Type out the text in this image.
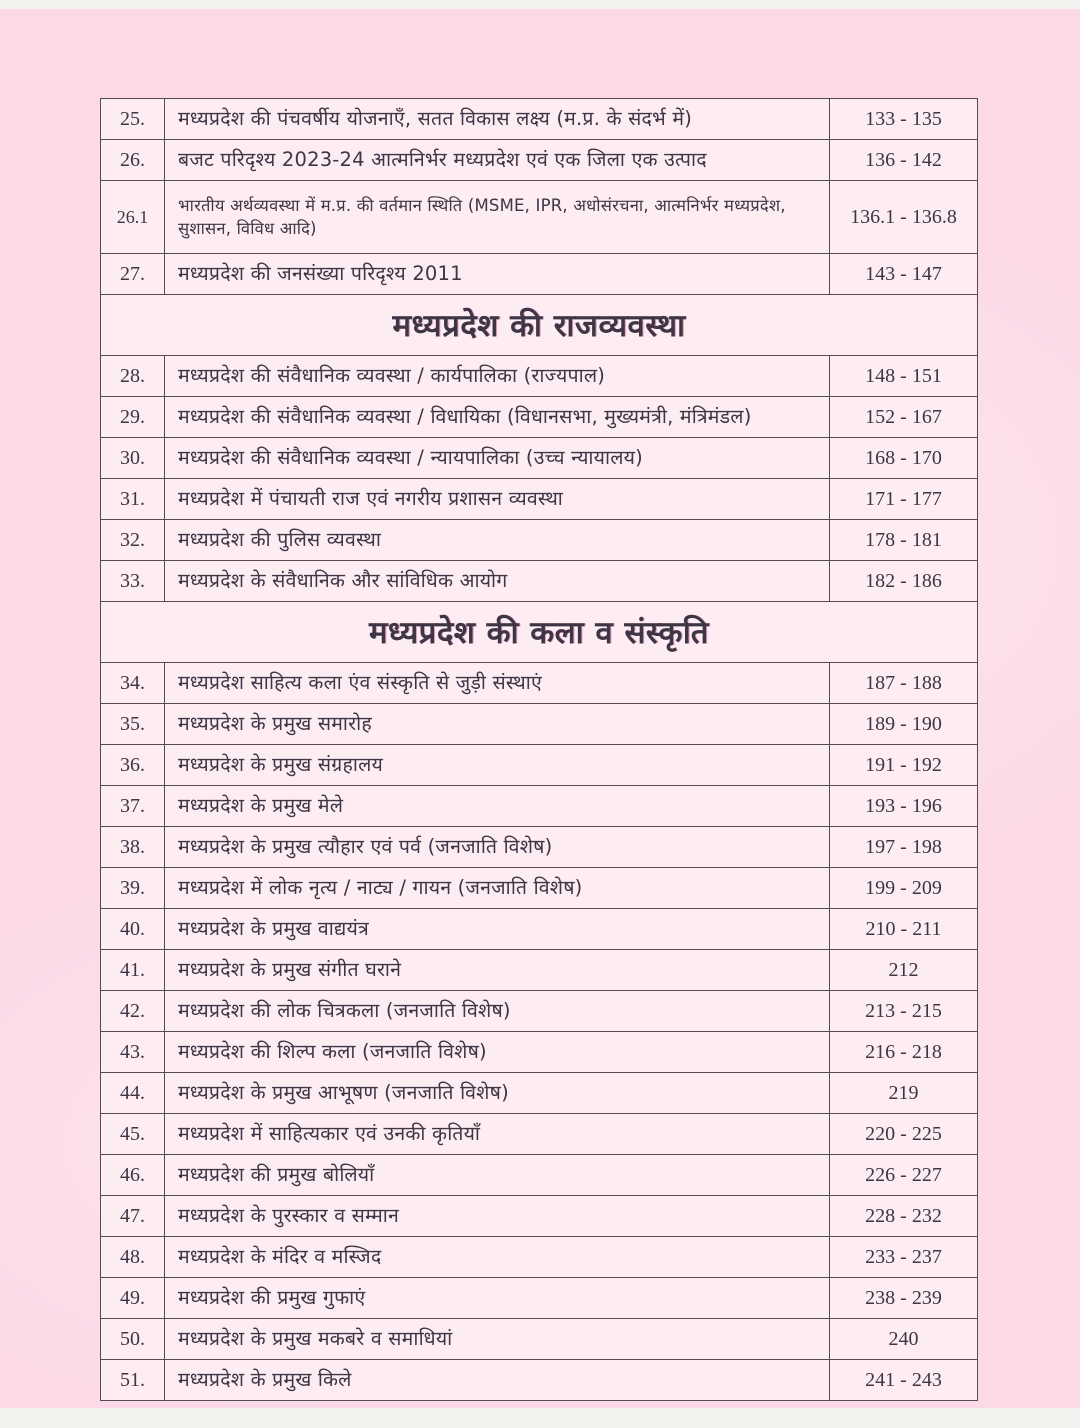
25.	मध्यप्रदेश की पंचवर्षीय योजनाएँ, सतत विकास लक्ष्य (म.प्र. के संदर्भ में)	133 - 135
26.	बजट परिदृश्य 2023-24 आत्मनिर्भर मध्यप्रदेश एवं एक जिला एक उत्पाद	136 - 142
26.1	भारतीय अर्थव्यवस्था में म.प्र. की वर्तमान स्थिति (MSME, IPR, अधोसंरचना, आत्मनिर्भर मध्यप्रदेश, सुशासन, विविध आदि)	136.1 - 136.8
27.	मध्यप्रदेश की जनसंख्या परिदृश्य 2011	143 - 147
मध्यप्रदेश की राजव्यवस्था		
28.	मध्यप्रदेश की संवैधानिक व्यवस्था / कार्यपालिका (राज्यपाल)	148 - 151
29.	मध्यप्रदेश की संवैधानिक व्यवस्था / विधायिका (विधानसभा, मुख्यमंत्री, मंत्रिमंडल)	152 - 167
30.	मध्यप्रदेश की संवैधानिक व्यवस्था / न्यायपालिका (उच्च न्यायालय)	168 - 170
31.	मध्यप्रदेश में पंचायती राज एवं नगरीय प्रशासन व्यवस्था	171 - 177
32.	मध्यप्रदेश की पुलिस व्यवस्था	178 - 181
33.	मध्यप्रदेश के संवैधानिक और सांविधिक आयोग	182 - 186
मध्यप्रदेश की कला व संस्कृति		
34.	मध्यप्रदेश साहित्य कला एंव संस्कृति से जुड़ी संस्थाएं	187 - 188
35.	मध्यप्रदेश के प्रमुख समारोह	189 - 190
36.	मध्यप्रदेश के प्रमुख संग्रहालय	191 - 192
37.	मध्यप्रदेश के प्रमुख मेले	193 - 196
38.	मध्यप्रदेश के प्रमुख त्यौहार एवं पर्व (जनजाति विशेष)	197 - 198
39.	मध्यप्रदेश में लोक नृत्य / नाट्य / गायन (जनजाति विशेष)	199 - 209
40.	मध्यप्रदेश के प्रमुख वाद्ययंत्र	210 - 211
41.	मध्यप्रदेश के प्रमुख संगीत घराने	212
42.	मध्यप्रदेश की लोक चित्रकला (जनजाति विशेष)	213 - 215
43.	मध्यप्रदेश की शिल्प कला (जनजाति विशेष)	216 - 218
44.	मध्यप्रदेश के प्रमुख आभूषण (जनजाति विशेष)	219
45.	मध्यप्रदेश में साहित्यकार एवं उनकी कृतियाँ	220 - 225
46.	मध्यप्रदेश की प्रमुख बोलियाँ	226 - 227
47.	मध्यप्रदेश के पुरस्कार व सम्मान	228 - 232
48.	मध्यप्रदेश के मंदिर व मस्जिद	233 - 237
49.	मध्यप्रदेश की प्रमुख गुफाएं	238 - 239
50.	मध्यप्रदेश के प्रमुख मकबरे व समाधियां	240
51.	मध्यप्रदेश के प्रमुख किले	241 - 243
